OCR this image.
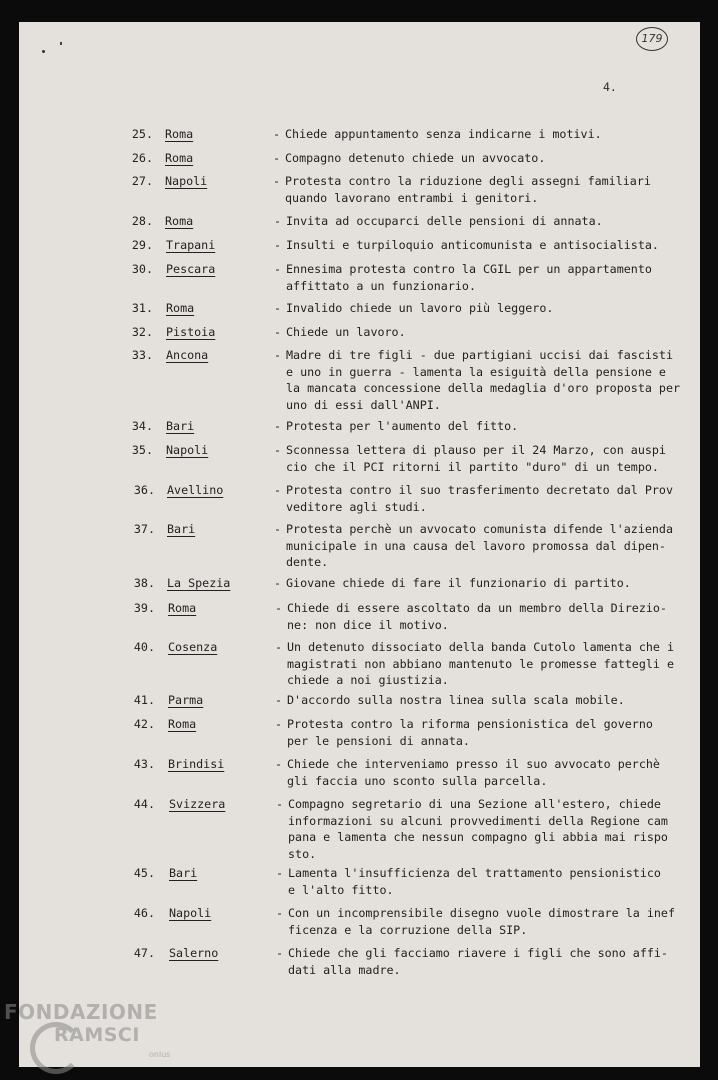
179
4.
25. Roma	- Chiede appuntamento senza indicarne i motivi.
26. Roma	- Compagno detenuto chiede un avvocato.
27. Napoli	- Protesta contro la riduzione degli assegni familiari
quando lavorano entrambi i genitori.
28. Roma	- Invita ad occuparci delle pensioni di annata.
29. Trapani	- Insulti e turpiloquio anticomunista e antisocialista.
30. Pescara	- Ennesima protesta contro la CGIL per un appartamento
affittato a un funzionario.
31. Roma	- Invalido chiede un lavoro più leggero.
32. Pistoia	- Chiede un lavoro.
33. Ancona	- Madre di tre figli - due partigiani uccisi dai fascisti
e uno in guerra - lamenta la esiguità della pensione e
la mancata concessione della medaglia d'oro proposta per
uno di essi dall'ANPI.
34. Bari	- Protesta per l'aumento del fitto.
35. Napoli	- Sconnessa lettera di plauso per il 24 Marzo, con auspi
cio che il PCI ritorni il partito "duro" di un tempo.
36. Avellino	- Protesta contro il suo trasferimento decretato dal Prov
veditore agli studi.
37. Bari	- Protesta perchè un avvocato comunista difende l'azienda
municipale in una causa del lavoro promossa dal dipen-
dente.
38. La Spezia	- Giovane chiede di fare il funzionario di partito.
39. Roma	- Chiede di essere ascoltato da un membro della Direzio-
ne: non dice il motivo.
40. Cosenza	- Un detenuto dissociato della banda Cutolo lamenta che i
magistrati non abbiano mantenuto le promesse fattegli e
chiede a noi giustizia.
41. Parma	- D'accordo sulla nostra linea sulla scala mobile.
42. Roma	- Protesta contro la riforma pensionistica del governo
per le pensioni di annata.
43. Brindisi	- Chiede che interveniamo presso il suo avvocato perchè
gli faccia uno sconto sulla parcella.
44. Svizzera	- Compagno segretario di una Sezione all'estero, chiede
informazioni su alcuni provvedimenti della Regione cam
pana e lamenta che nessun compagno gli abbia mai rispo
sto.
45. Bari	- Lamenta l'insufficienza del trattamento pensionistico
e l'alto fitto.
46. Napoli	- Con un incomprensibile disegno vuole dimostrare la inef
ficenza e la corruzione della SIP.
47. Salerno	- Chiede che gli facciamo riavere i figli che sono affi-
dati alla madre.
FONDAZIONE
RAMSCI
onlus
